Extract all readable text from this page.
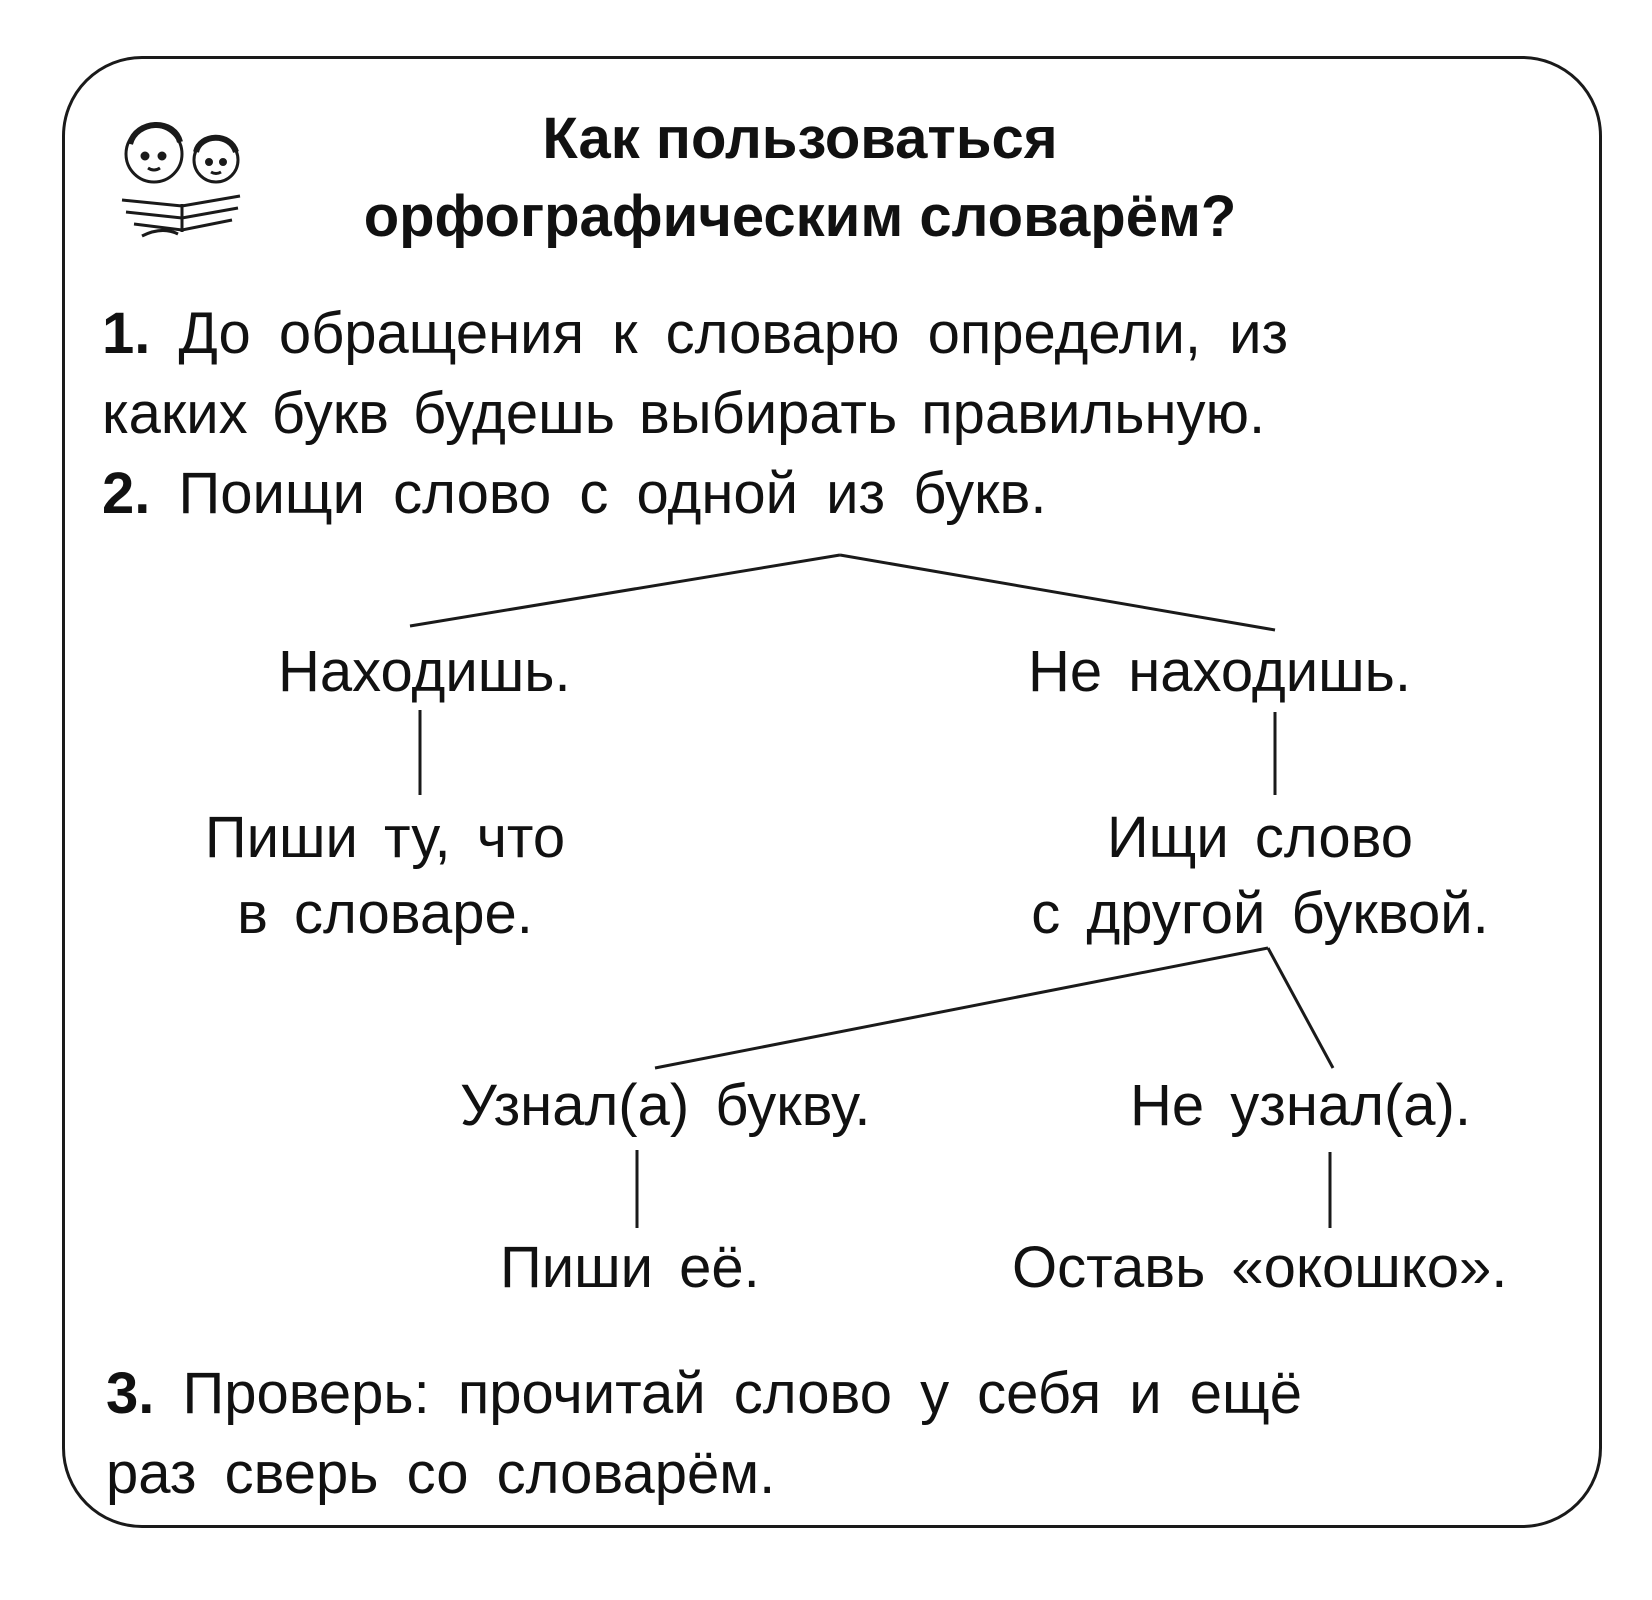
Как пользоваться
орфографическим словарём?
1. До обращения к словарю определи, из
каких букв будешь выбирать правильную.
2. Поищи слово с одной из букв.
Находишь.	Не находишь.
Пиши ту, что
в словаре.
Ищи слово
с другой буквой.
Узнал(а) букву.	Не узнал(а).
Пиши её.	Оставь «окошко».
3. Проверь: прочитай слово у себя и ещё
раз сверь со словарём.
